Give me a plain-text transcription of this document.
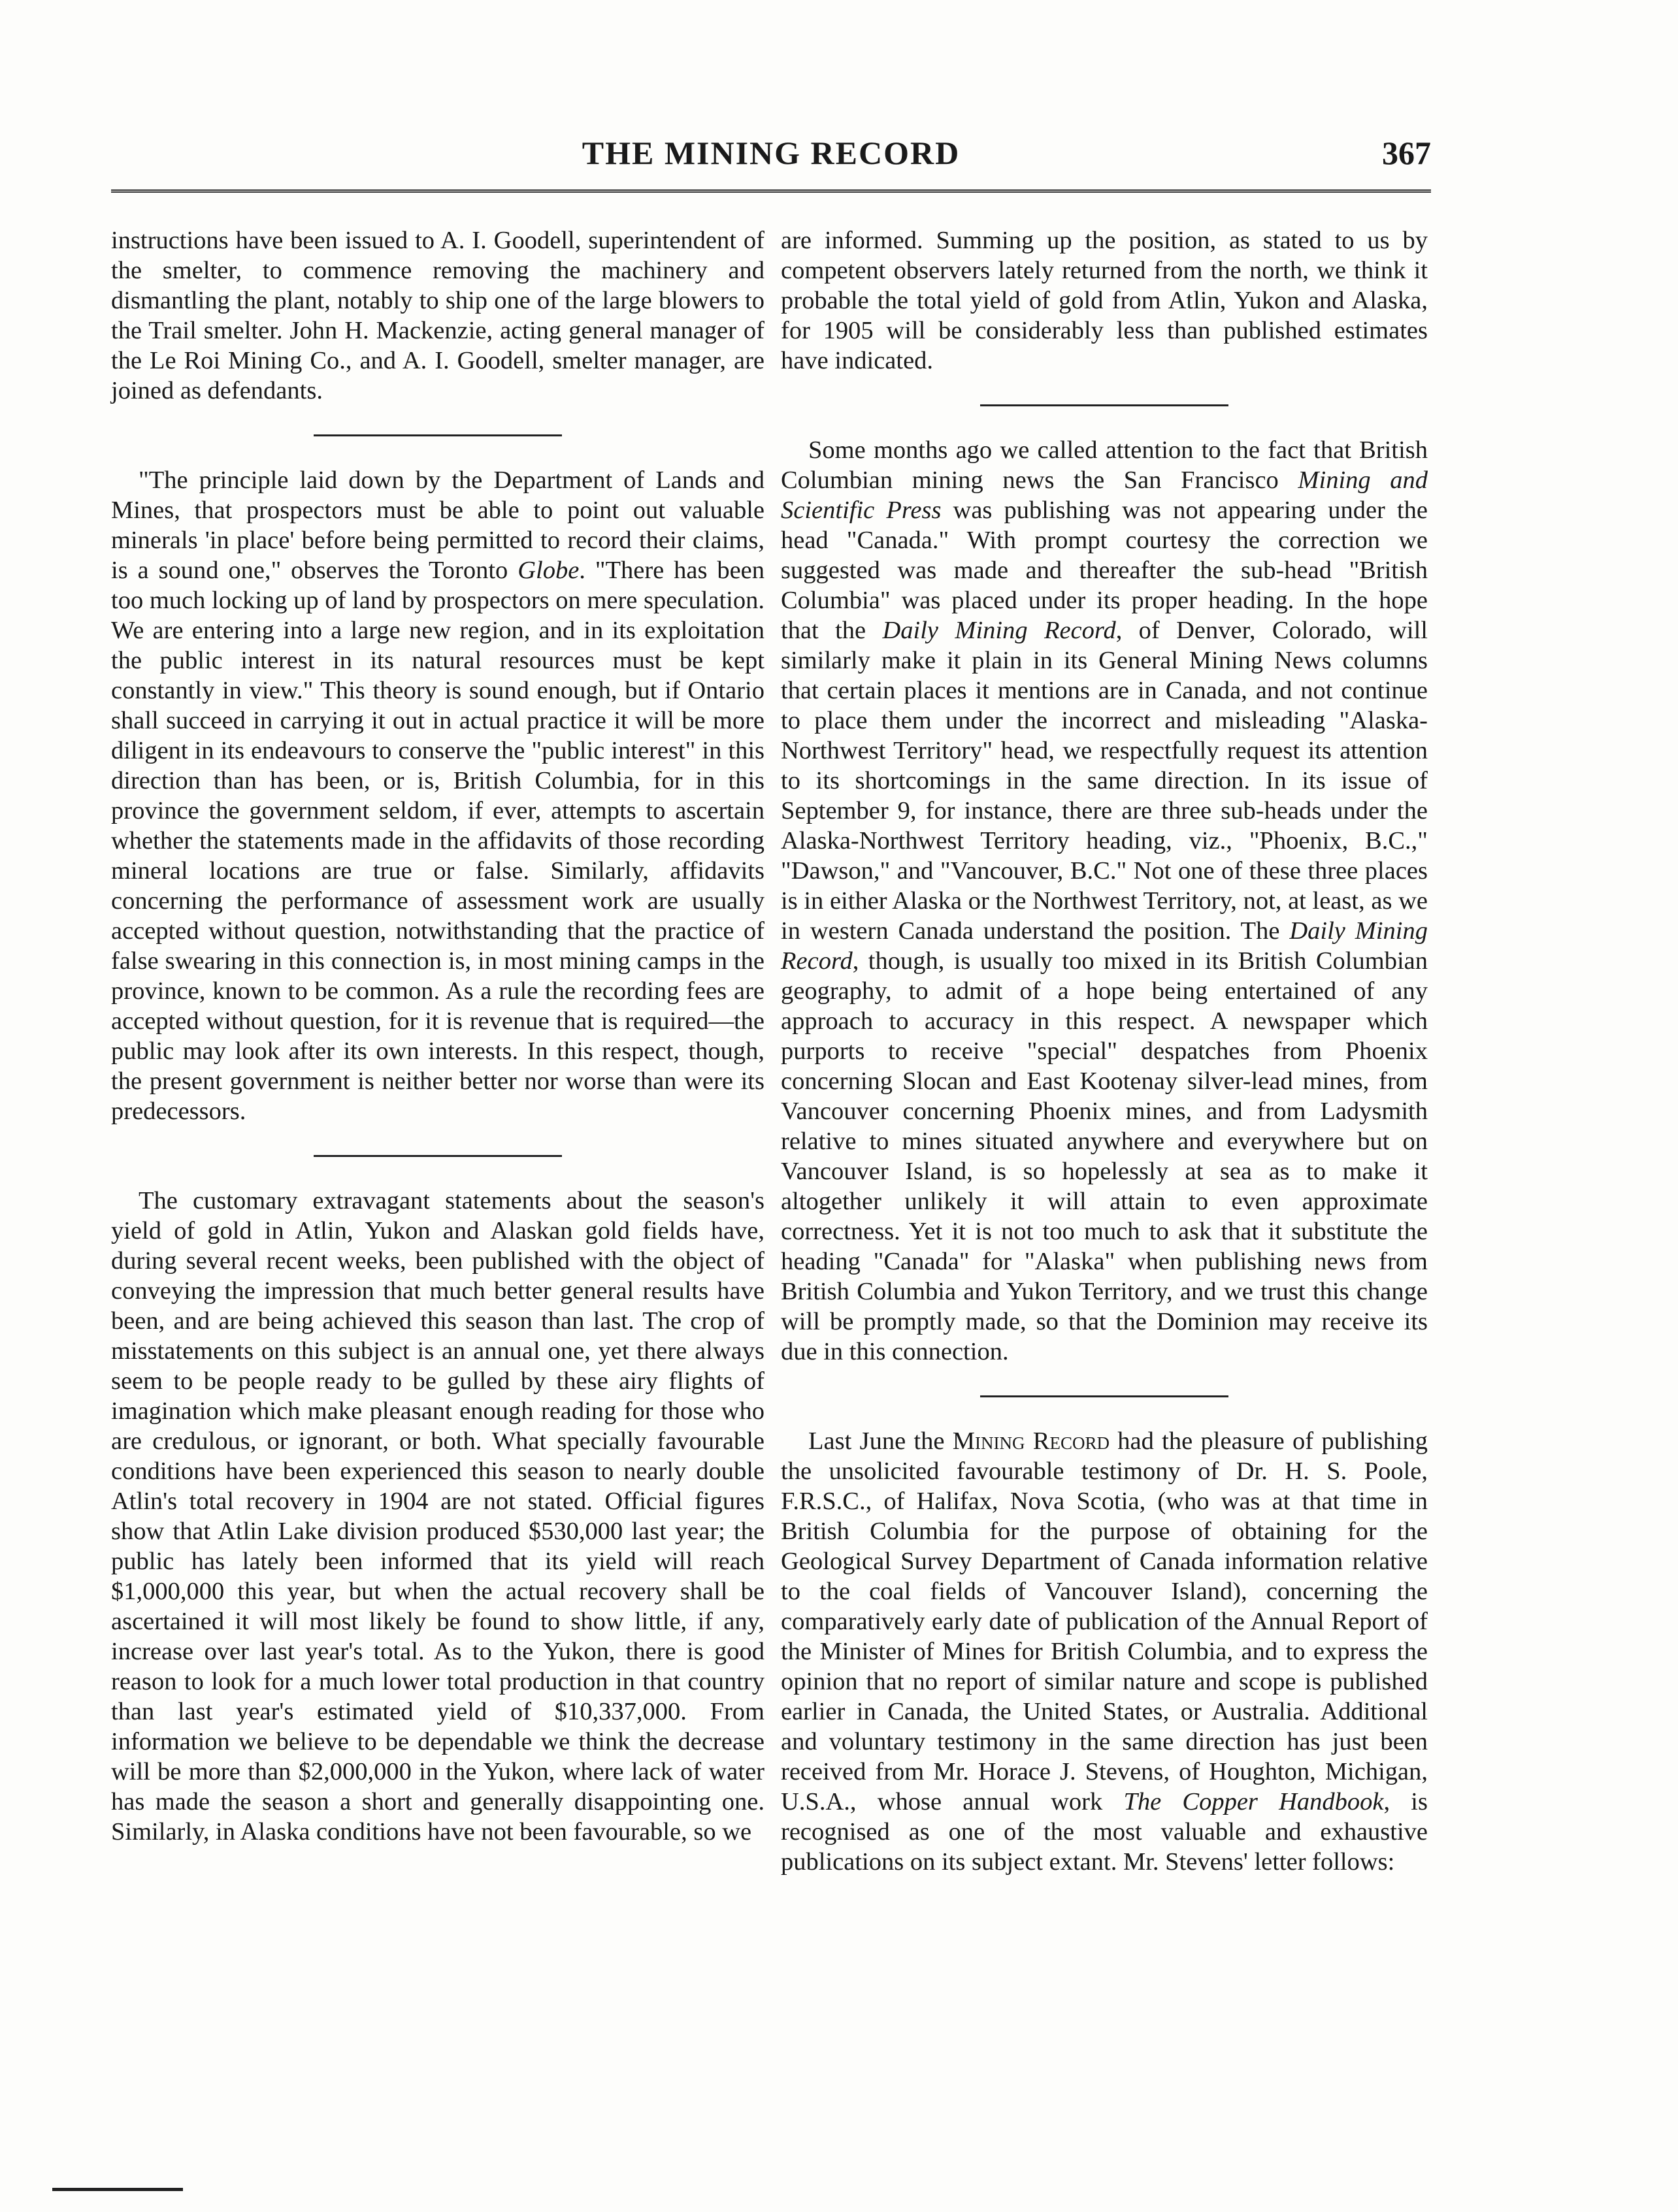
THE MINING RECORD	367

instructions have been issued to A. I. Goodell, superintendent of the smelter, to commence removing the machinery and dismantling the plant, notably to ship one of the large blowers to the Trail smelter. John H. Mackenzie, acting general manager of the Le Roi Mining Co., and A. I. Goodell, smelter manager, are joined as defendants.

"The principle laid down by the Department of Lands and Mines, that prospectors must be able to point out valuable minerals 'in place' before being permitted to record their claims, is a sound one," observes the Toronto Globe. "There has been too much locking up of land by prospectors on mere speculation. We are entering into a large new region, and in its exploitation the public interest in its natural resources must be kept constantly in view." This theory is sound enough, but if Ontario shall succeed in carrying it out in actual practice it will be more diligent in its endeavours to conserve the "public interest" in this direction than has been, or is, British Columbia, for in this province the government seldom, if ever, attempts to ascertain whether the statements made in the affidavits of those recording mineral locations are true or false. Similarly, affidavits concerning the performance of assessment work are usually accepted without question, notwithstanding that the practice of false swearing in this connection is, in most mining camps in the province, known to be common. As a rule the recording fees are accepted without question, for it is revenue that is required—the public may look after its own interests. In this respect, though, the present government is neither better nor worse than were its predecessors.

The customary extravagant statements about the season's yield of gold in Atlin, Yukon and Alaskan gold fields have, during several recent weeks, been published with the object of conveying the impression that much better general results have been, and are being achieved this season than last. The crop of misstatements on this subject is an annual one, yet there always seem to be people ready to be gulled by these airy flights of imagination which make pleasant enough reading for those who are credulous, or ignorant, or both. What specially favourable conditions have been experienced this season to nearly double Atlin's total recovery in 1904 are not stated. Official figures show that Atlin Lake division produced $530,000 last year; the public has lately been informed that its yield will reach $1,000,000 this year, but when the actual recovery shall be ascertained it will most likely be found to show little, if any, increase over last year's total. As to the Yukon, there is good reason to look for a much lower total production in that country than last year's estimated yield of $10,337,000. From information we believe to be dependable we think the decrease will be more than $2,000,000 in the Yukon, where lack of water has made the season a short and generally disappointing one. Similarly, in Alaska conditions have not been favourable, so we

are informed. Summing up the position, as stated to us by competent observers lately returned from the north, we think it probable the total yield of gold from Atlin, Yukon and Alaska, for 1905 will be considerably less than published estimates have indicated.

Some months ago we called attention to the fact that British Columbian mining news the San Francisco Mining and Scientific Press was publishing was not appearing under the head "Canada." With prompt courtesy the correction we suggested was made and thereafter the sub-head "British Columbia" was placed under its proper heading. In the hope that the Daily Mining Record, of Denver, Colorado, will similarly make it plain in its General Mining News columns that certain places it mentions are in Canada, and not continue to place them under the incorrect and misleading "Alaska-Northwest Territory" head, we respectfully request its attention to its shortcomings in the same direction. In its issue of September 9, for instance, there are three sub-heads under the Alaska-Northwest Territory heading, viz., "Phoenix, B.C.," "Dawson," and "Vancouver, B.C." Not one of these three places is in either Alaska or the Northwest Territory, not, at least, as we in western Canada understand the position. The Daily Mining Record, though, is usually too mixed in its British Columbian geography, to admit of a hope being entertained of any approach to accuracy in this respect. A newspaper which purports to receive "special" despatches from Phoenix concerning Slocan and East Kootenay silver-lead mines, from Vancouver concerning Phoenix mines, and from Ladysmith relative to mines situated anywhere and everywhere but on Vancouver Island, is so hopelessly at sea as to make it altogether unlikely it will attain to even approximate correctness. Yet it is not too much to ask that it substitute the heading "Canada" for "Alaska" when publishing news from British Columbia and Yukon Territory, and we trust this change will be promptly made, so that the Dominion may receive its due in this connection.

Last June the Mining Record had the pleasure of publishing the unsolicited favourable testimony of Dr. H. S. Poole, F.R.S.C., of Halifax, Nova Scotia, (who was at that time in British Columbia for the purpose of obtaining for the Geological Survey Department of Canada information relative to the coal fields of Vancouver Island), concerning the comparatively early date of publication of the Annual Report of the Minister of Mines for British Columbia, and to express the opinion that no report of similar nature and scope is published earlier in Canada, the United States, or Australia. Additional and voluntary testimony in the same direction has just been received from Mr. Horace J. Stevens, of Houghton, Michigan, U.S.A., whose annual work The Copper Handbook, is recognised as one of the most valuable and exhaustive publications on its subject extant. Mr. Stevens' letter follows:
